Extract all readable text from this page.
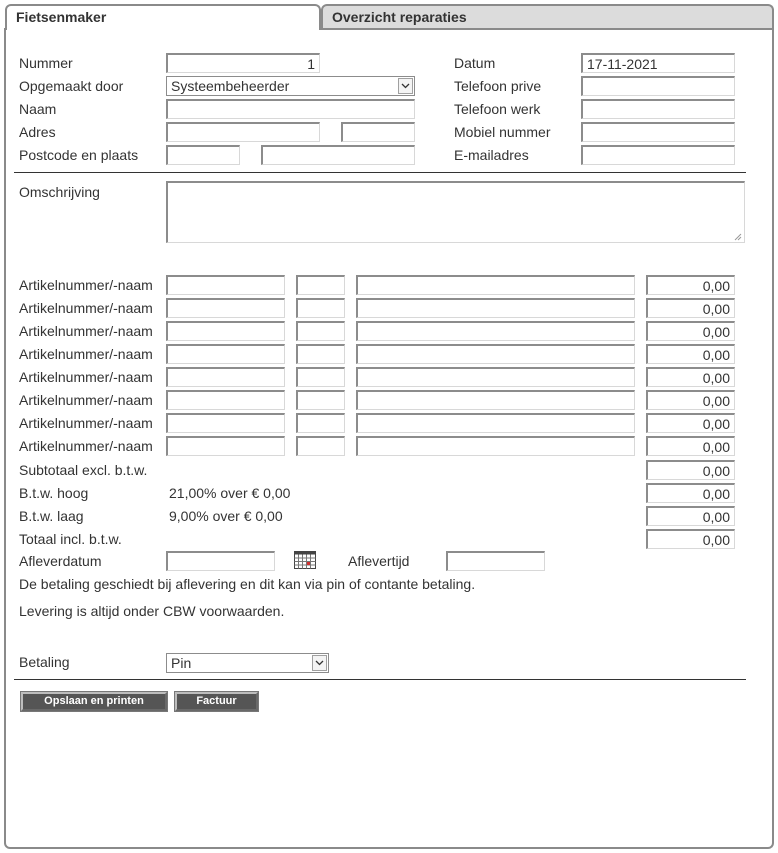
Fietsenmaker	Overzicht reparaties
Nummer	1
Opgemaakt door	Systeembeheerder
Naam
Adres
Postcode en plaats
Datum	17-11-2021
Telefoon prive
Telefoon werk
Mobiel nummer
E-mailadres
Omschrijving
Artikelnummer/-naam	0,00
Artikelnummer/-naam	0,00
Artikelnummer/-naam	0,00
Artikelnummer/-naam	0,00
Artikelnummer/-naam	0,00
Artikelnummer/-naam	0,00
Artikelnummer/-naam	0,00
Artikelnummer/-naam	0,00
Subtotaal excl. b.t.w.	0,00
B.t.w. hoog	21,00% over € 0,00	0,00
B.t.w. laag	9,00% over € 0,00	0,00
Totaal incl. b.t.w.	0,00
Afleverdatum	Aflevertijd
De betaling geschiedt bij aflevering en dit kan via pin of contante betaling.
Levering is altijd onder CBW voorwaarden.
Betaling	Pin
Opslaan en printen	Factuur
